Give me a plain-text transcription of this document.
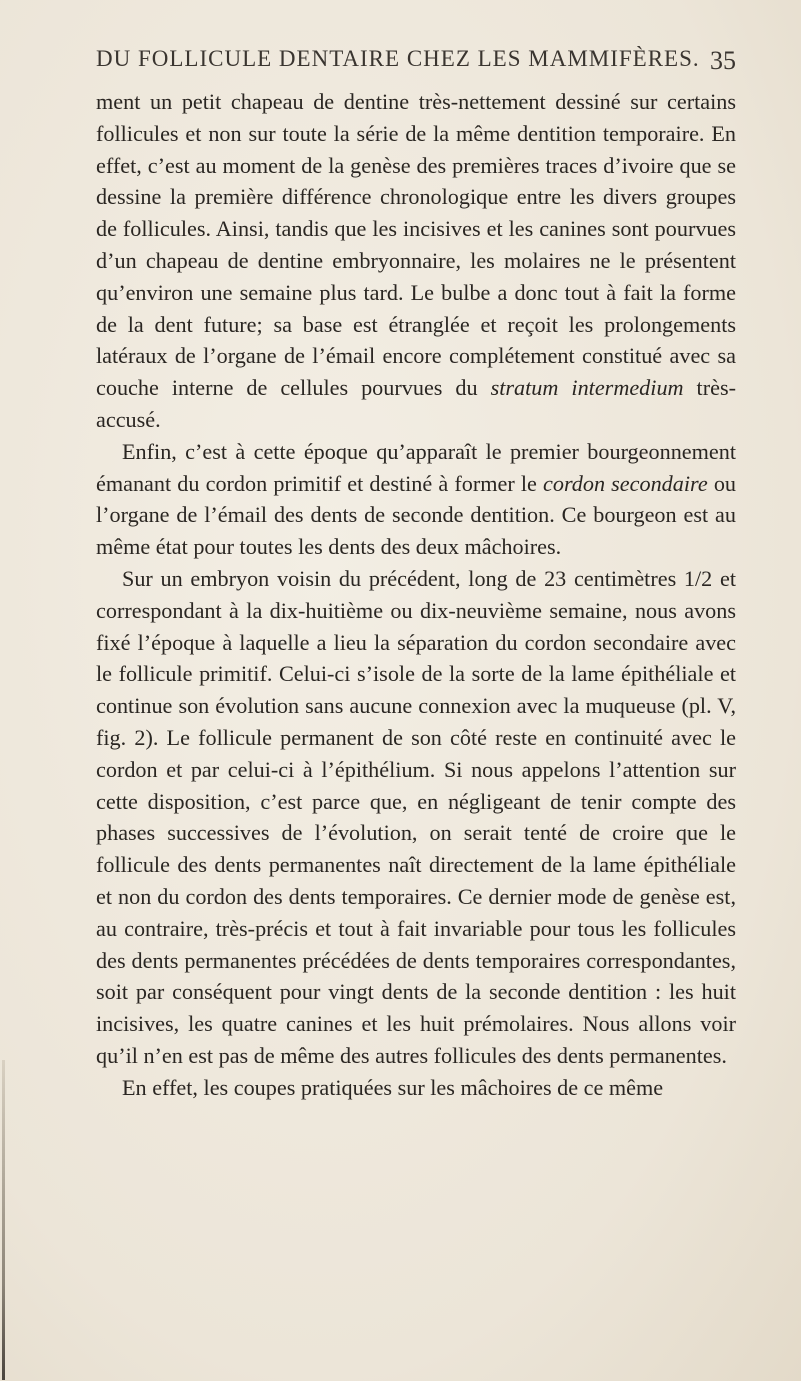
DU FOLLICULE DENTAIRE CHEZ LES MAMMIFÈRES. 35

ment un petit chapeau de dentine très-nettement dessiné sur certains follicules et non sur toute la série de la même dentition temporaire. En effet, c’est au moment de la genèse des premières traces d’ivoire que se dessine la première différence chronologique entre les divers groupes de follicules. Ainsi, tandis que les incisives et les canines sont pourvues d’un chapeau de dentine embryonnaire, les molaires ne le présentent qu’environ une semaine plus tard. Le bulbe a donc tout à fait la forme de la dent future; sa base est étranglée et reçoit les prolongements latéraux de l’organe de l’émail encore complétement constitué avec sa couche interne de cellules pourvues du stratum intermedium très-accusé.

Enfin, c’est à cette époque qu’apparaît le premier bourgeonnement émanant du cordon primitif et destiné à former le cordon secondaire ou l’organe de l’émail des dents de seconde dentition. Ce bourgeon est au même état pour toutes les dents des deux mâchoires.

Sur un embryon voisin du précédent, long de 23 centimètres 1/2 et correspondant à la dix-huitième ou dix-neuvième semaine, nous avons fixé l’époque à laquelle a lieu la séparation du cordon secondaire avec le follicule primitif. Celui-ci s’isole de la sorte de la lame épithéliale et continue son évolution sans aucune connexion avec la muqueuse (pl. V, fig. 2). Le follicule permanent de son côté reste en continuité avec le cordon et par celui-ci à l’épithélium. Si nous appelons l’attention sur cette disposition, c’est parce que, en négligeant de tenir compte des phases successives de l’évolution, on serait tenté de croire que le follicule des dents permanentes naît directement de la lame épithéliale et non du cordon des dents temporaires. Ce dernier mode de genèse est, au contraire, très-précis et tout à fait invariable pour tous les follicules des dents permanentes précédées de dents temporaires correspondantes, soit par conséquent pour vingt dents de la seconde dentition : les huit incisives, les quatre canines et les huit prémolaires. Nous allons voir qu’il n’en est pas de même des autres follicules des dents permanentes.

En effet, les coupes pratiquées sur les mâchoires de ce même
